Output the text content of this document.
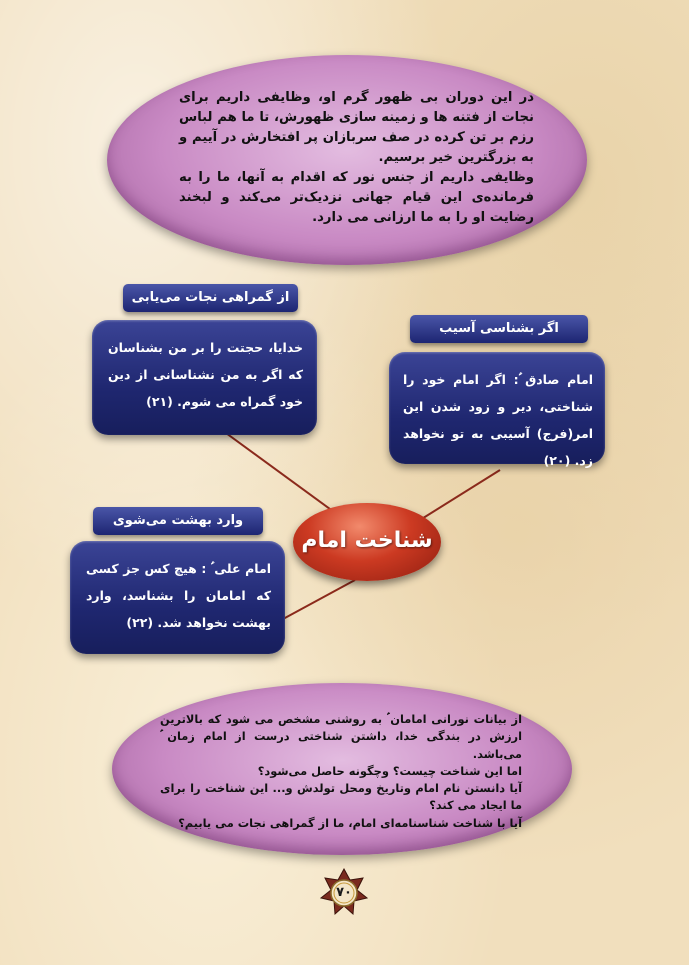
در این دوران بی ظهور گرم او، وظایفی داریم برای نجات از فتنه ها و زمینه سازی ظهورش، تا ما هم لباس رزم بر تن کرده در صف سربازان پر افتخارش در آییم و به بزرگترین خیر برسیم.
وظایفی داریم از جنس نور که اقدام به آنها، ما را به فرمانده‌ی این قیام جهانی نزدیک‌تر می‌کند و لبخند رضایت او را به ما ارزانی می دارد.
از گمراهی نجات می‌یابی
خدایا، حجتت را بر من بشناسان که اگر به من نشناسانی از دین خود گمراه می شوم. (۲۱)
اگر بشناسی آسیب
امام صادق ؑ: اگر امام خود را شناختی، دیر و زود شدن این امر(فرج) آسیبی به تو نخواهد زد. (۲۰)
وارد بهشت می‌شوی
امام علی ؑ : هیچ کس جز کسی که امامان را بشناسد، وارد بهشت نخواهد شد. (۲۲)
شناخت امام
از بیانات نورانی امامان ؑ به روشنی مشخص می شود که بالاترین ارزش در بندگی خدا، داشتن شناختی درست از امام زمان ؑ می‌باشد.
اما این شناخت چیست؟ وچگونه حاصل می‌شود؟
آیا دانستن نام امام وتاریخ ومحل تولدش و... این شناخت را برای ما ایجاد می کند؟
آیا با شناخت شناسنامه‌ای امام، ما از گمراهی نجات می یابیم؟
۷۰
